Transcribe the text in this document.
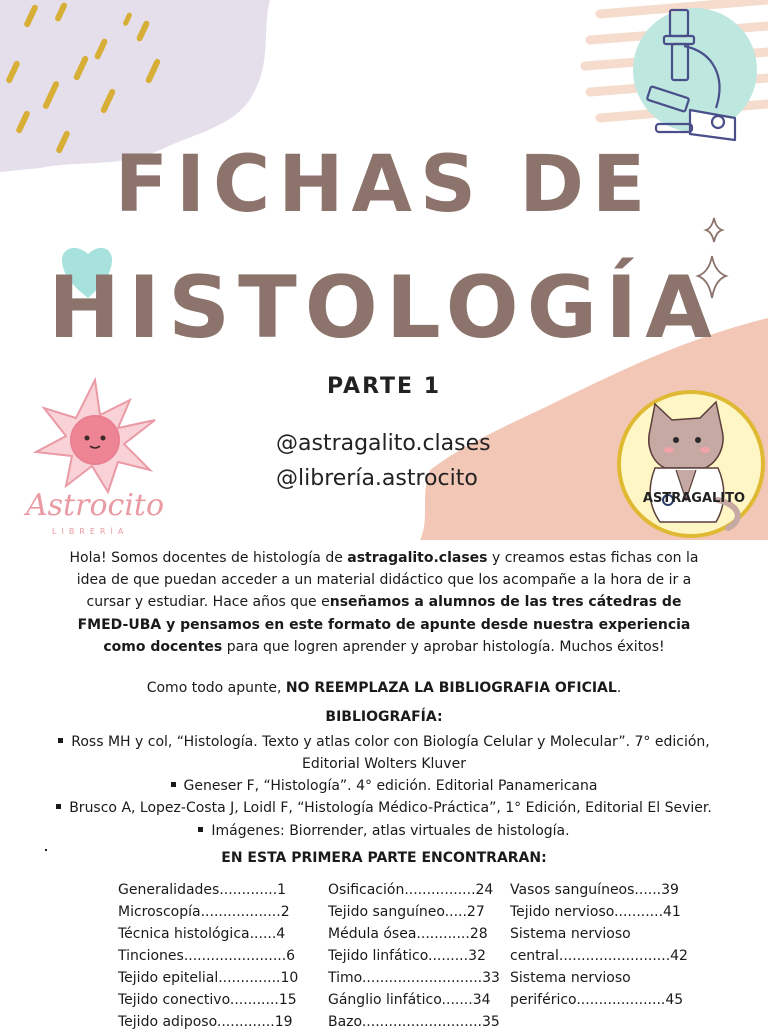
FICHAS DE
HISTOLOGÍA
PARTE 1
@astragalito.clases
@librería.astrocito
Astrocito
LIBRERÍA
ASTRAGALITO
Hola! Somos docentes de histología de astragalito.clases y creamos estas fichas con la idea de que puedan acceder a un material didáctico que los acompañe a la hora de ir a cursar y estudiar. Hace años que enseñamos a alumnos de las tres cátedras de FMED-UBA y pensamos en este formato de apunte desde nuestra experiencia como docentes para que logren aprender y aprobar histología. Muchos éxitos!
Como todo apunte, NO REEMPLAZA LA BIBLIOGRAFIA OFICIAL.
BIBLIOGRAFÍA:
Ross MH y col, “Histología. Texto y atlas color con Biología Celular y Molecular”. 7° edición, Editorial Wolters Kluver
Geneser F, “Histología”. 4° edición. Editorial Panamericana
Brusco A, Lopez-Costa J, Loidl F, “Histología Médico-Práctica”, 1° Edición, Editorial El Sevier.
Imágenes: Biorrender, atlas virtuales de histología.
EN ESTA PRIMERA PARTE ENCONTRARAN:
Generalidades.............1
Microscopía..................2
Técnica histológica......4
Tinciones.......................6
Tejido epitelial..............10
Tejido conectivo...........15
Tejido adiposo.............19
Osificación................24
Tejido sanguíneo.....27
Médula ósea............28
Tejido linfático.........32
Timo...........................33
Gánglio linfático.......34
Bazo...........................35
Vasos sanguíneos......39
Tejido nervioso...........41
Sistema nervioso
central.........................42
Sistema nervioso
periférico....................45
